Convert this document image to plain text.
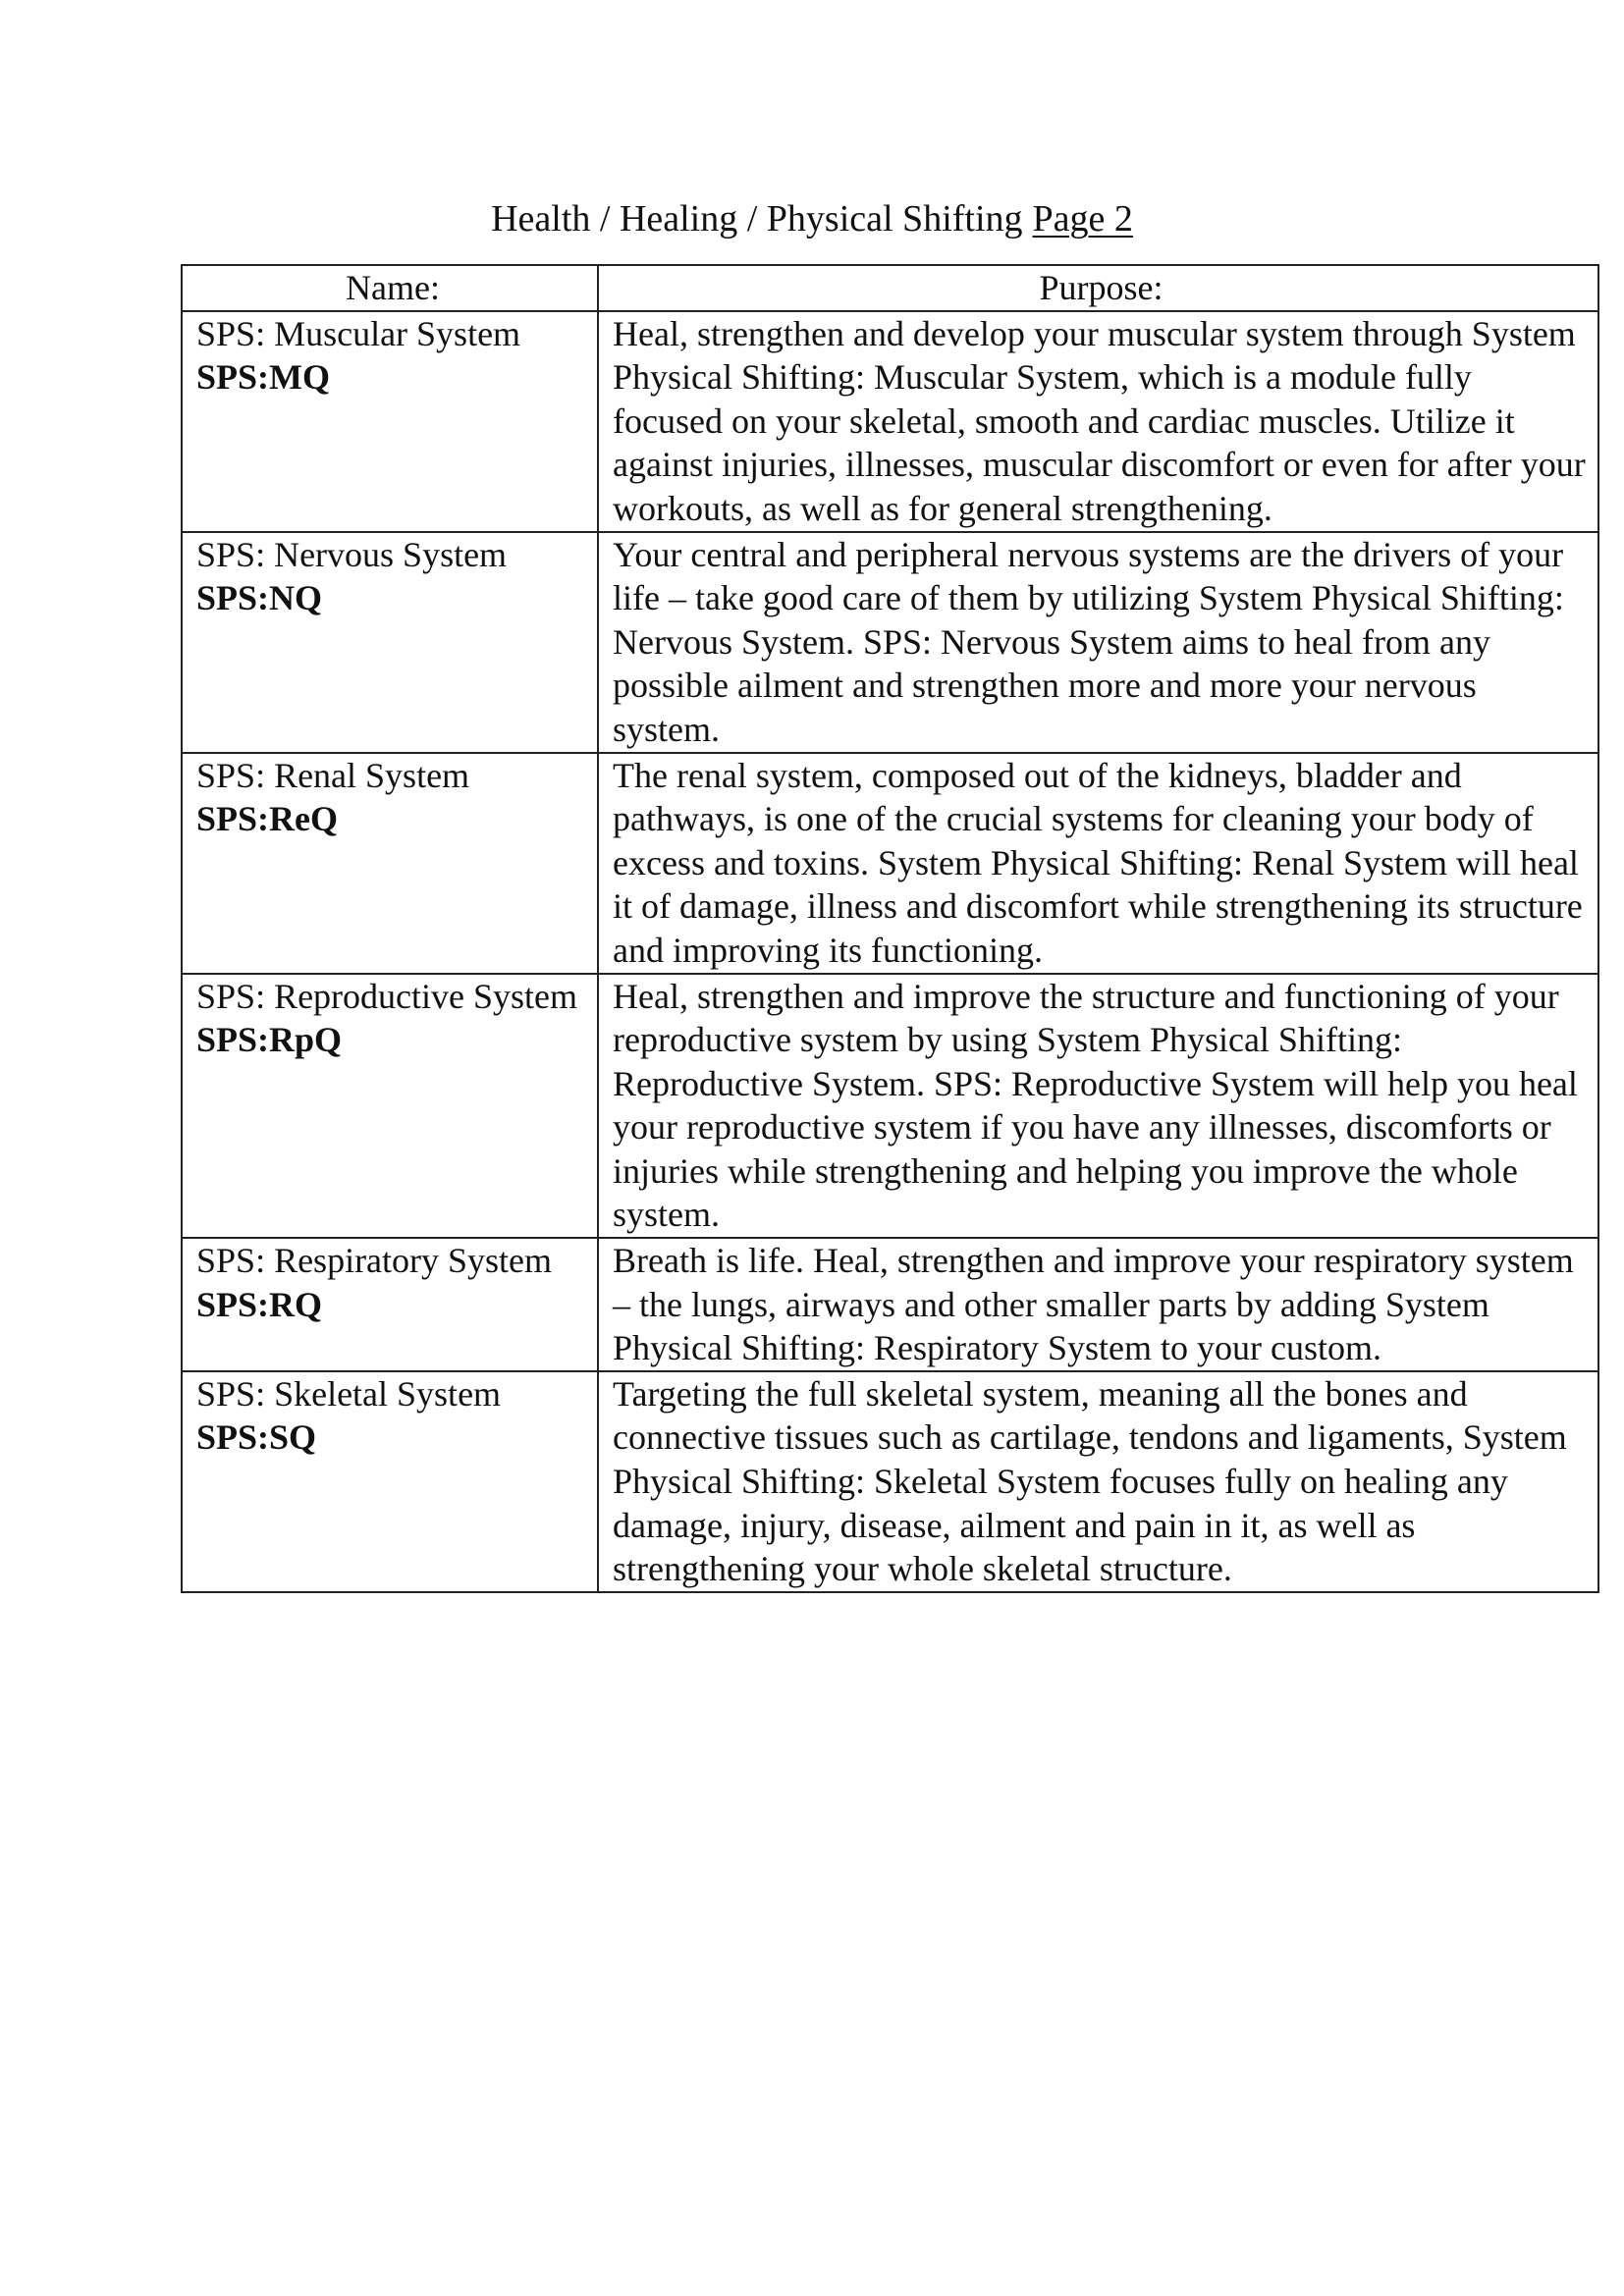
Health / Healing / Physical Shifting Page 2
Name:	Purpose:
SPS: Muscular System
SPS:MQ	Heal, strengthen and develop your muscular system through System Physical Shifting: Muscular System, which is a module fully focused on your skeletal, smooth and cardiac muscles. Utilize it against injuries, illnesses, muscular discomfort or even for after your workouts, as well as for general strengthening.
SPS: Nervous System
SPS:NQ	Your central and peripheral nervous systems are the drivers of your life – take good care of them by utilizing System Physical Shifting: Nervous System. SPS: Nervous System aims to heal from any possible ailment and strengthen more and more your nervous system.
SPS: Renal System
SPS:ReQ	The renal system, composed out of the kidneys, bladder and pathways, is one of the crucial systems for cleaning your body of excess and toxins. System Physical Shifting: Renal System will heal it of damage, illness and discomfort while strengthening its structure and improving its functioning.
SPS: Reproductive System SPS:RpQ	Heal, strengthen and improve the structure and functioning of your reproductive system by using System Physical Shifting: Reproductive System. SPS: Reproductive System will help you heal your reproductive system if you have any illnesses, discomforts or injuries while strengthening and helping you improve the whole system.
SPS: Respiratory System
SPS:RQ	Breath is life. Heal, strengthen and improve your respiratory system – the lungs, airways and other smaller parts by adding System Physical Shifting: Respiratory System to your custom.
SPS: Skeletal System
SPS:SQ	Targeting the full skeletal system, meaning all the bones and connective tissues such as cartilage, tendons and ligaments, System Physical Shifting: Skeletal System focuses fully on healing any damage, injury, disease, ailment and pain in it, as well as strengthening your whole skeletal structure.
